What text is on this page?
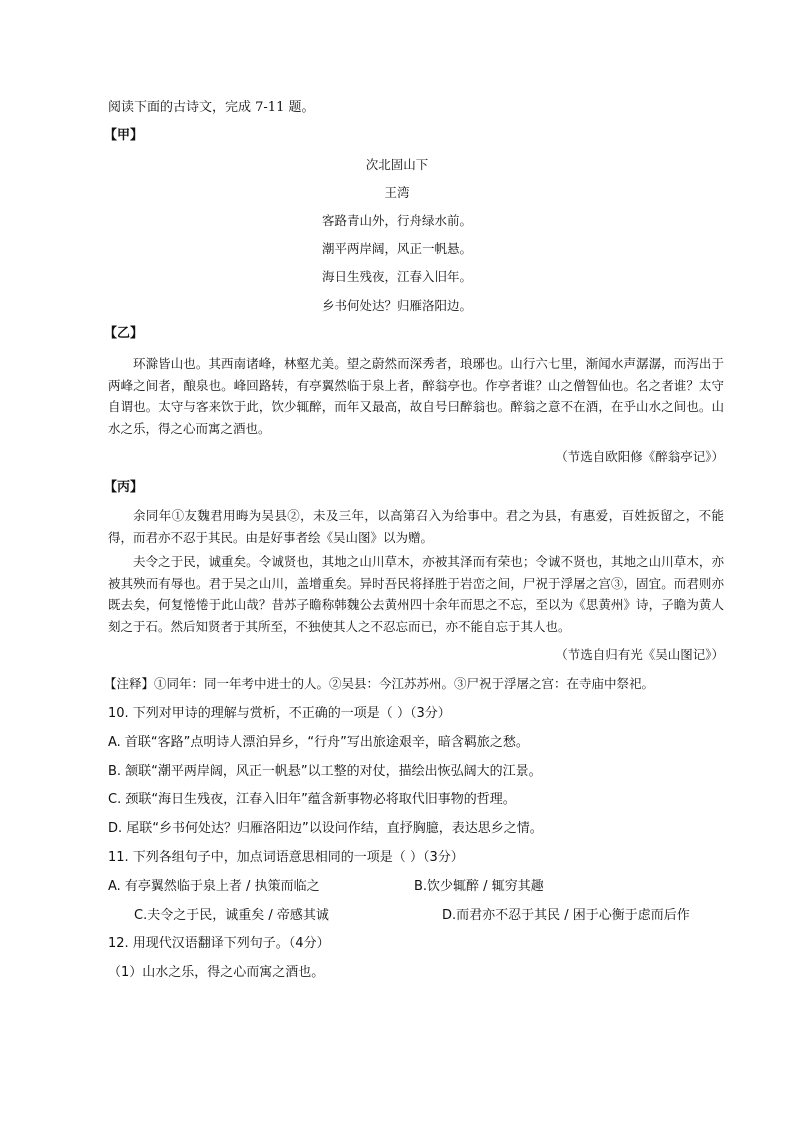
阅读下面的古诗文，完成 7-11 题。
【甲】
次北固山下
王湾
客路青山外，行舟绿水前。
潮平两岸阔，风正一帆悬。
海日生残夜，江春入旧年。
乡书何处达？归雁洛阳边。
【乙】

环滁皆山也。其西南诸峰，林壑尤美。望之蔚然而深秀者，琅琊也。山行六七里，渐闻水声潺潺，而泻出于两峰之间者，酿泉也。峰回路转，有亭翼然临于泉上者，醉翁亭也。作亭者谁？山之僧智仙也。名之者谁？太守自谓也。太守与客来饮于此，饮少辄醉，而年又最高，故自号曰醉翁也。醉翁之意不在酒，在乎山水之间也。山水之乐，得之心而寓之酒也。

（节选自欧阳修《醉翁亭记》）
【丙】

余同年①友魏君用晦为吴县②，未及三年，以高第召入为给事中。君之为县，有惠爱，百姓扳留之，不能得，而君亦不忍于其民。由是好事者绘《吴山图》以为赠。

夫令之于民，诚重矣。令诚贤也，其地之山川草木，亦被其泽而有荣也；令诚不贤也，其地之山川草木，亦被其殃而有辱也。君于吴之山川，盖增重矣。异时吾民将择胜于岩峦之间，尸祝于浮屠之宫③，固宜。而君则亦既去矣，何复惓惓于此山哉？昔苏子瞻称韩魏公去黄州四十余年而思之不忘，至以为《思黄州》诗，子瞻为黄人刻之于石。然后知贤者于其所至，不独使其人之不忍忘而已，亦不能自忘于其人也。

（节选自归有光《吴山图记》）
【注释】①同年：同一年考中进士的人。②吴县：今江苏苏州。③尸祝于浮屠之宫：在寺庙中祭祀。
10. 下列对甲诗的理解与赏析，不正确的一项是（ ）（3分）
A. 首联“客路”点明诗人漂泊异乡，“行舟”写出旅途艰辛，暗含羁旅之愁。
B. 颔联“潮平两岸阔，风正一帆悬”以工整的对仗，描绘出恢弘阔大的江景。
C. 颈联“海日生残夜，江春入旧年”蕴含新事物必将取代旧事物的哲理。
D. 尾联“乡书何处达？归雁洛阳边”以设问作结，直抒胸臆，表达思乡之情。
11. 下列各组句子中，加点词语意思相同的一项是（ ）（3分）
A. 有亭翼然临于泉上者 / 执策而临之	B.饮少辄醉 / 辄穷其趣
C.夫令之于民，诚重矣 / 帝感其诚	D.而君亦不忍于其民 / 困于心衡于虑而后作
12. 用现代汉语翻译下列句子。（4分）
（1）山水之乐，得之心而寓之酒也。
